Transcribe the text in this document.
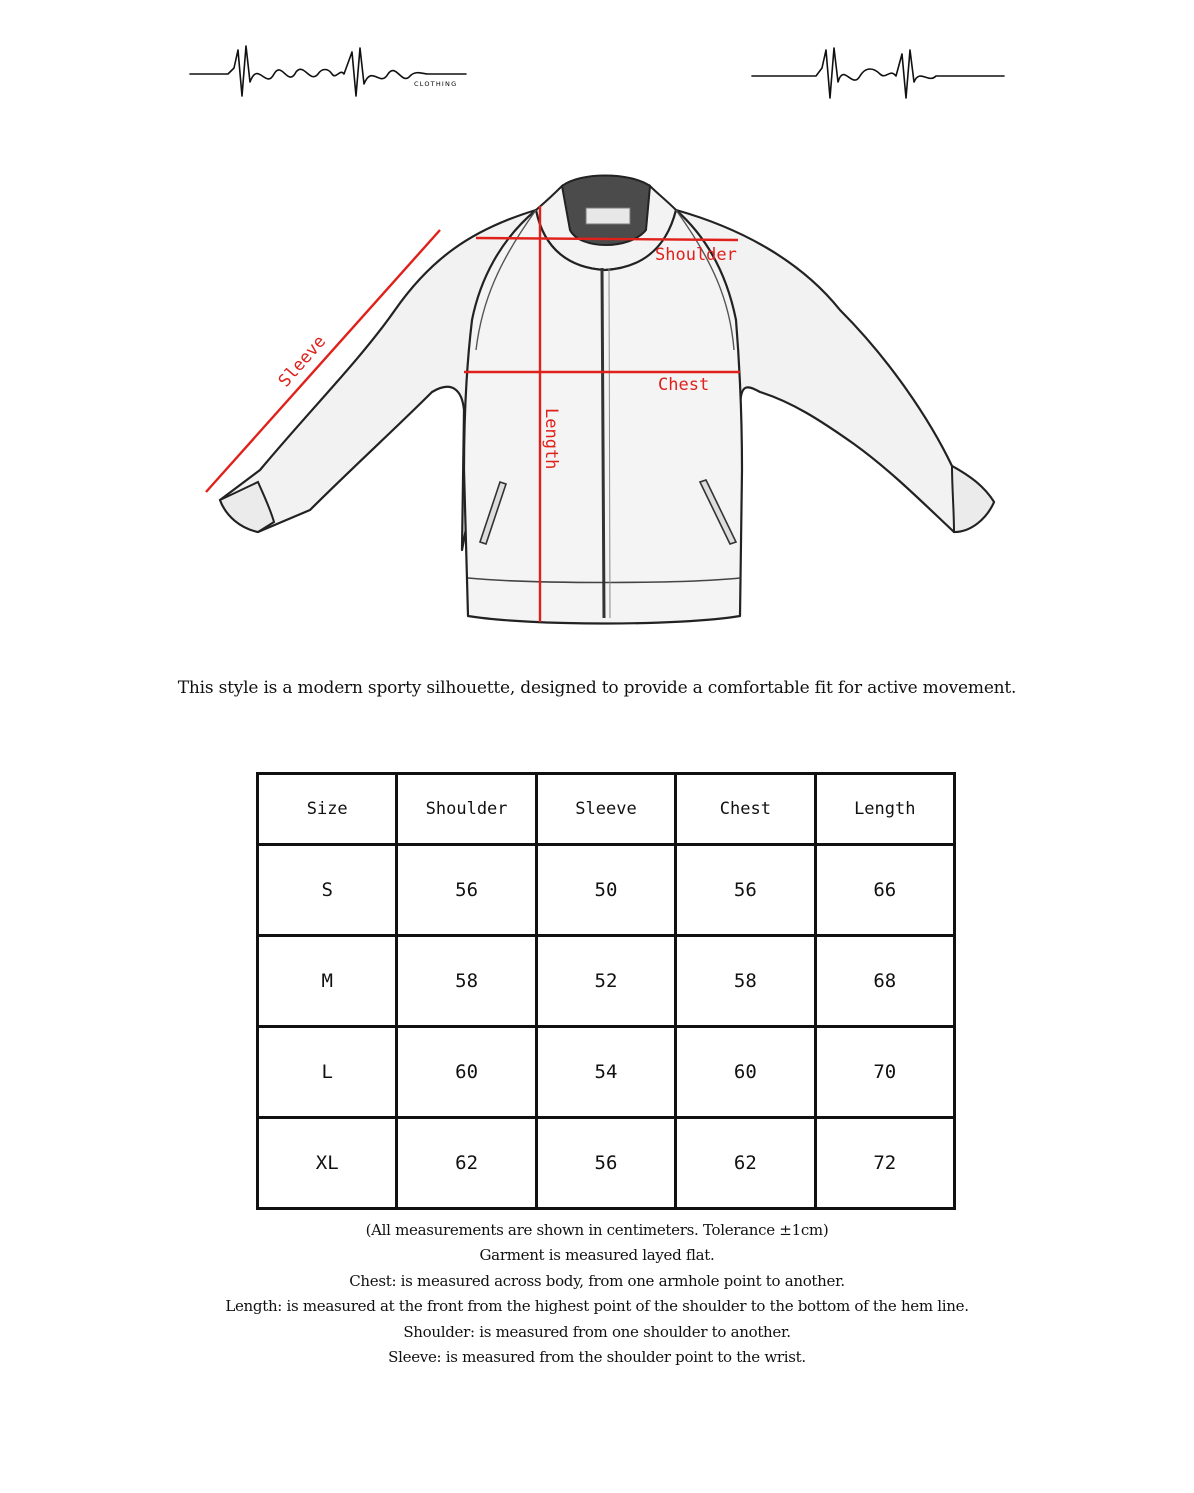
CLOTHING
Shoulder
Chest
Sleeve
Length
This style is a modern sporty silhouette, designed to provide a comfortable fit for active movement.
Size	Shoulder	Sleeve	Chest	Length
S	56	50	56	66
M	58	52	58	68
L	60	54	60	70
XL	62	56	62	72
(All measurements are shown in centimeters. Tolerance ±1cm)
Garment is measured layed flat.
Chest: is measured across body, from one armhole point to another.
Length: is measured at the front from the highest point of the shoulder to the bottom of the hem line.
Shoulder: is measured from one shoulder to another.
Sleeve: is measured from the shoulder point to the wrist.
